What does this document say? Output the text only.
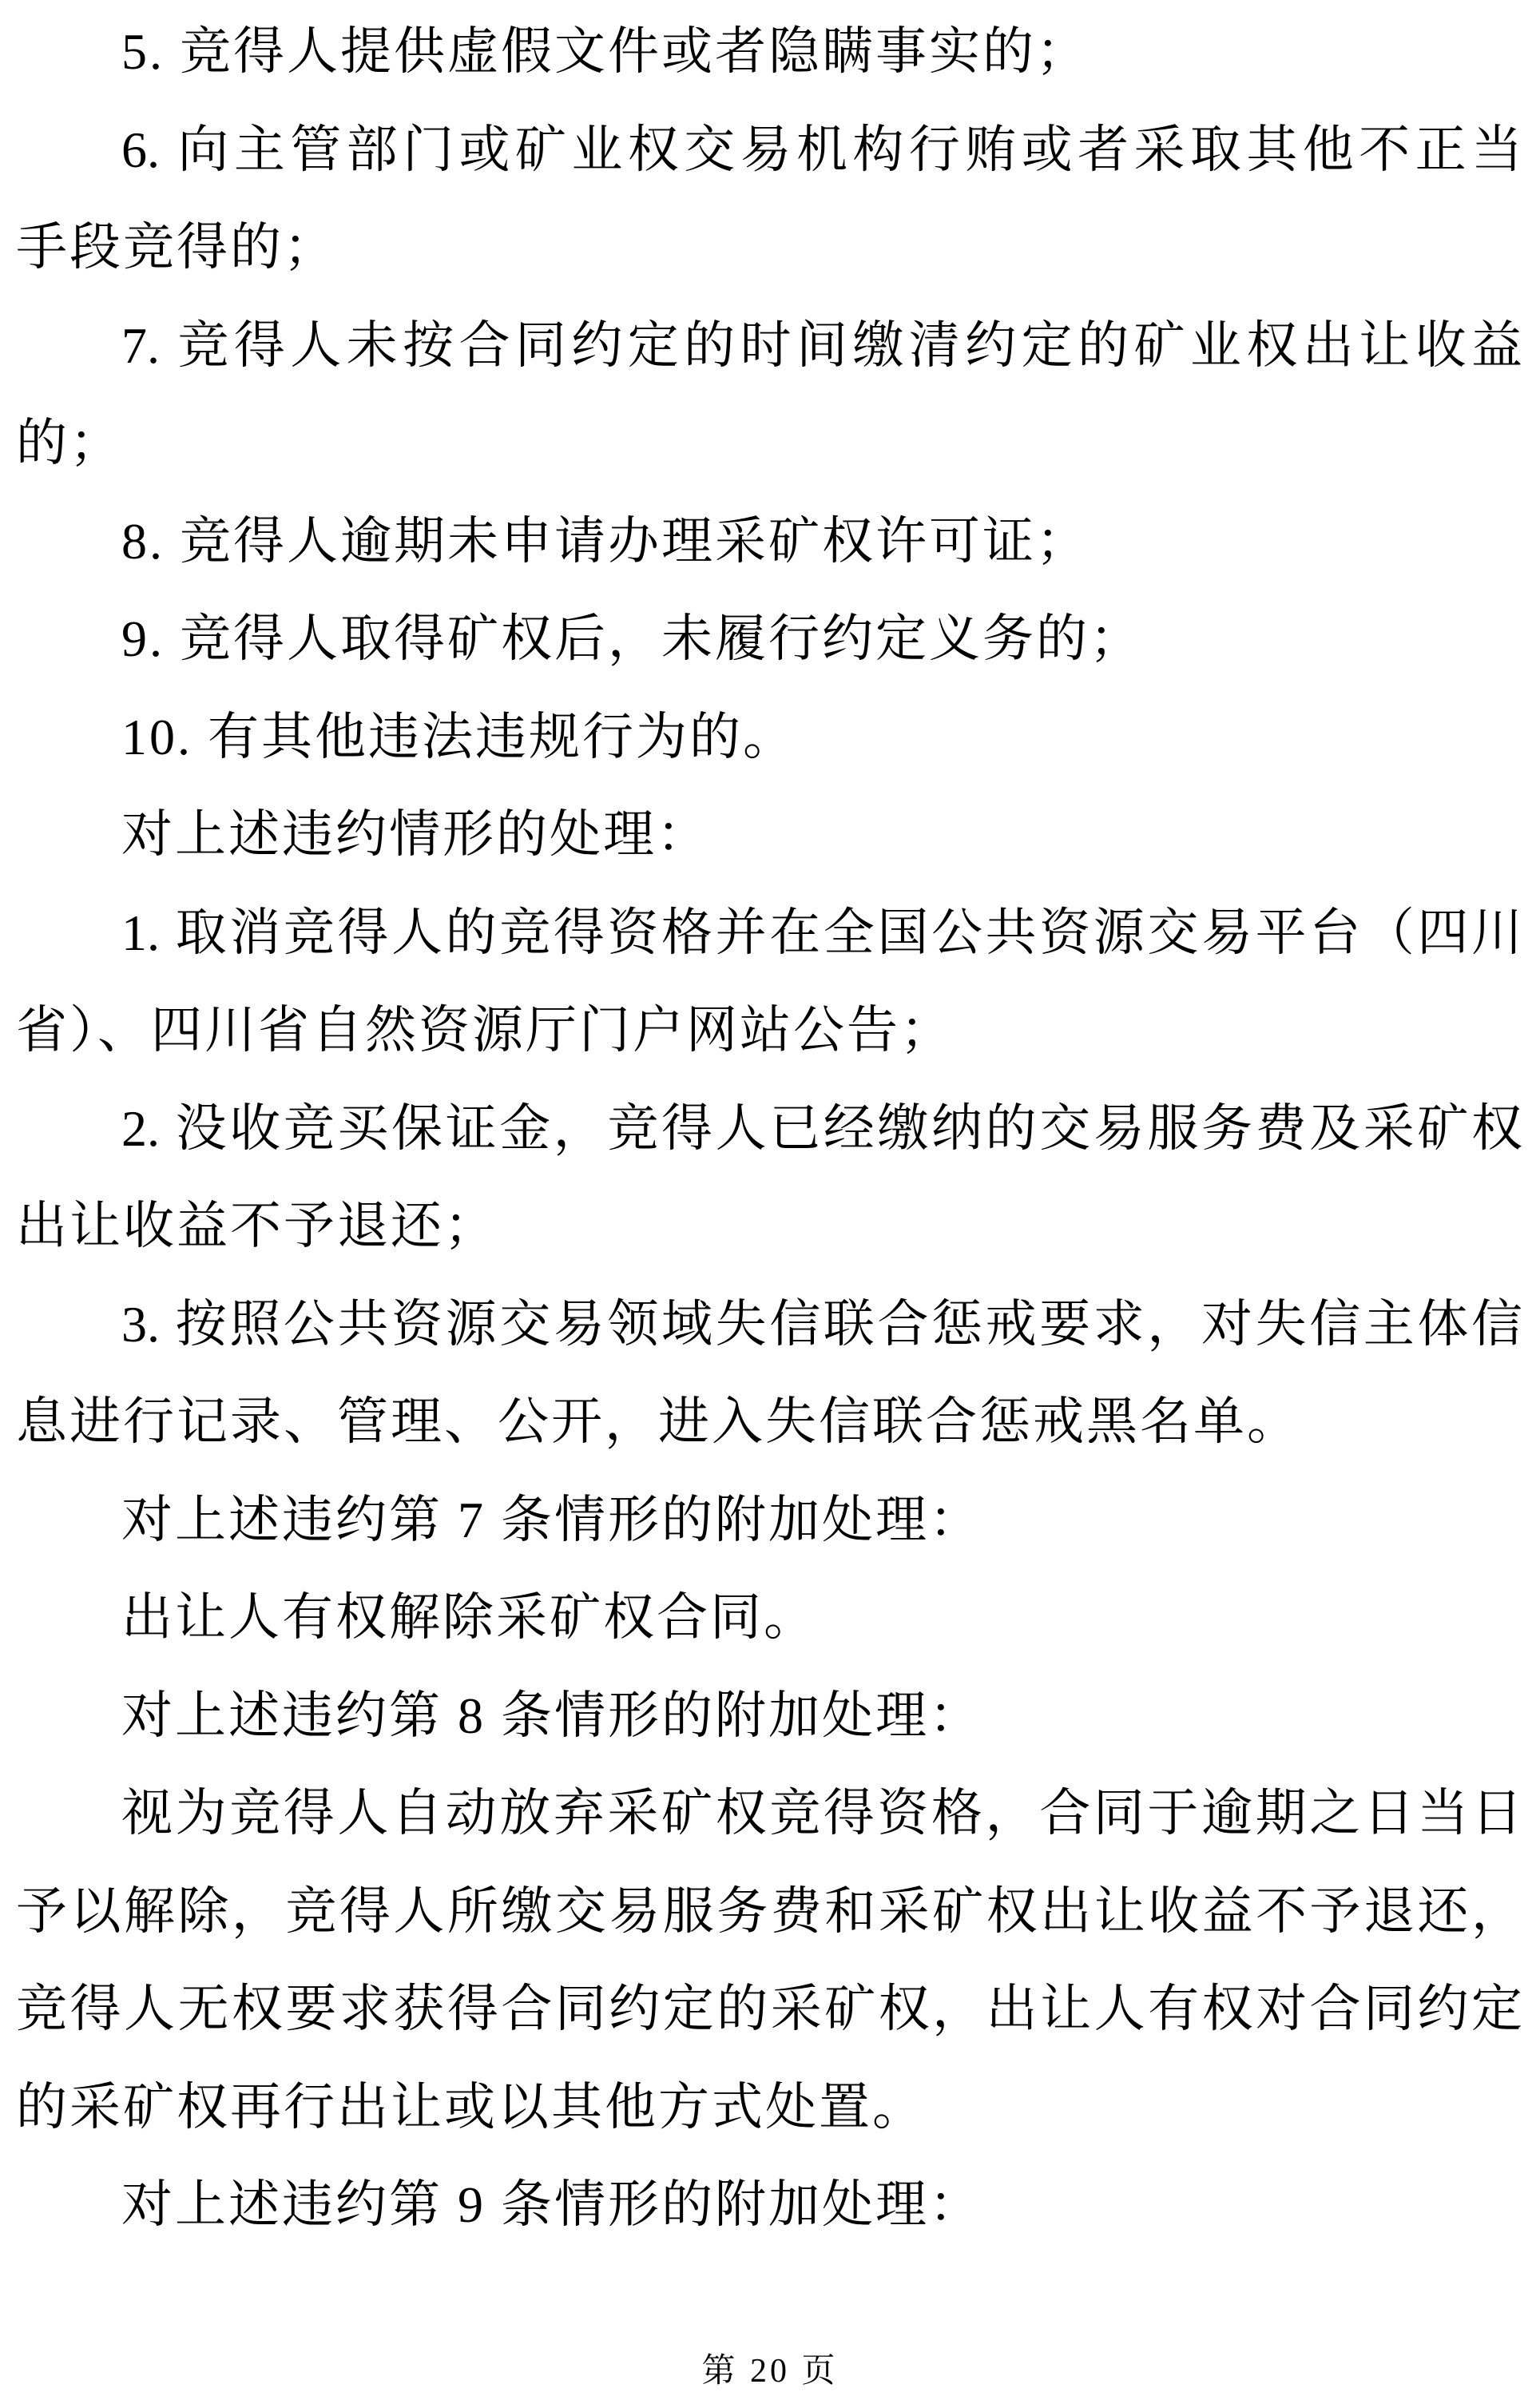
5. 竞得人提供虚假文件或者隐瞒事实的；
6. 向主管部门或矿业权交易机构行贿或者采取其他不正当
手段竞得的；
7. 竞得人未按合同约定的时间缴清约定的矿业权出让收益
的；
8. 竞得人逾期未申请办理采矿权许可证；
9. 竞得人取得矿权后，未履行约定义务的；
10. 有其他违法违规行为的。
对上述违约情形的处理：
1. 取消竞得人的竞得资格并在全国公共资源交易平台（四川
省）、四川省自然资源厅门户网站公告；
2. 没收竞买保证金，竞得人已经缴纳的交易服务费及采矿权
出让收益不予退还；
3. 按照公共资源交易领域失信联合惩戒要求，对失信主体信
息进行记录、管理、公开，进入失信联合惩戒黑名单。
对上述违约第 7 条情形的附加处理：
出让人有权解除采矿权合同。
对上述违约第 8 条情形的附加处理：
视为竞得人自动放弃采矿权竞得资格，合同于逾期之日当日
予以解除，竞得人所缴交易服务费和采矿权出让收益不予退还，
竞得人无权要求获得合同约定的采矿权，出让人有权对合同约定
的采矿权再行出让或以其他方式处置。
对上述违约第 9 条情形的附加处理：
第 20 页
